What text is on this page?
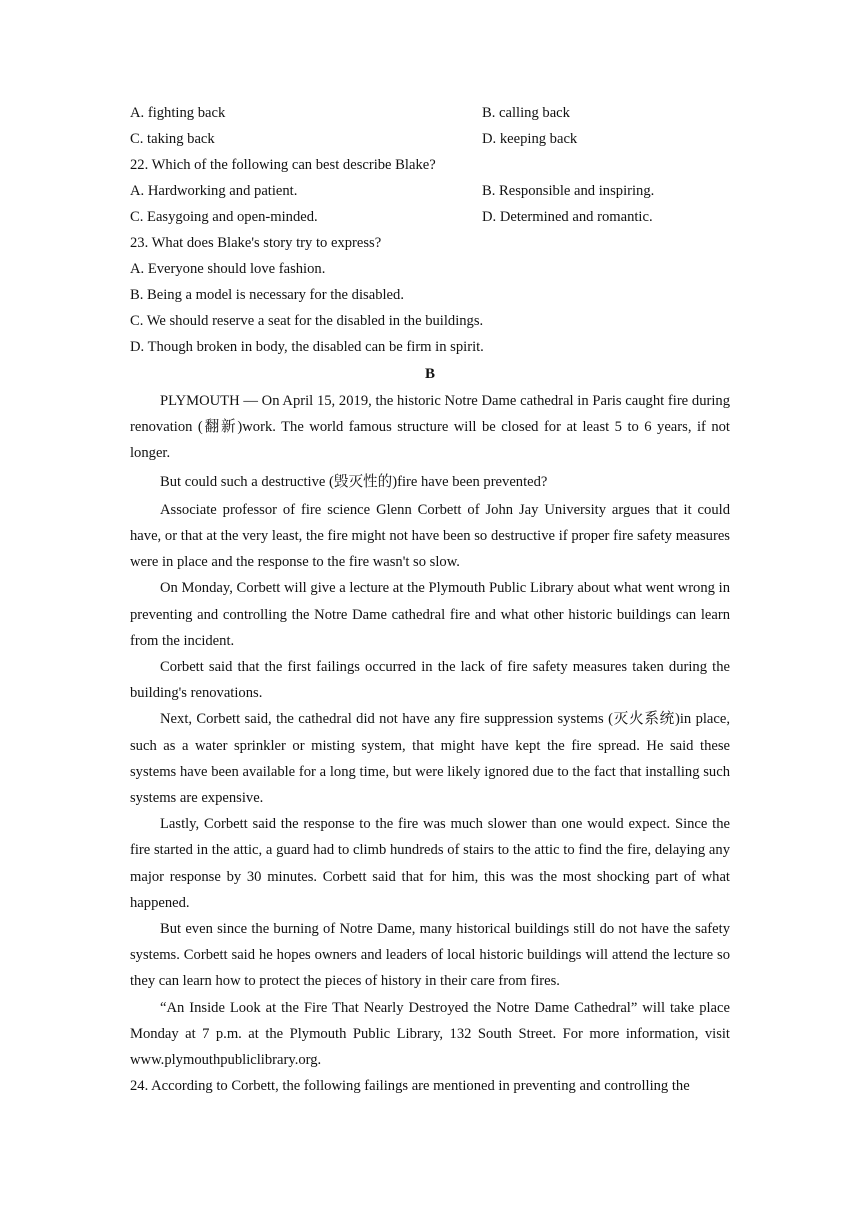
A. fighting back	B. calling back
C. taking back	D. keeping back
22. Which of the following can best describe Blake?
A. Hardworking and patient.	B. Responsible and inspiring.
C. Easygoing and open-minded.	D. Determined and romantic.
23. What does Blake's story try to express?
A. Everyone should love fashion.
B. Being a model is necessary for the disabled.
C. We should reserve a seat for the disabled in the buildings.
D. Though broken in body, the disabled can be firm in spirit.
B

PLYMOUTH — On April 15, 2019, the historic Notre Dame cathedral in Paris caught fire during renovation (翻新)work. The world famous structure will be closed for at least 5 to 6 years, if not longer.

But could such a destructive (毁灭性的)fire have been prevented?

Associate professor of fire science Glenn Corbett of John Jay University argues that it could have, or that at the very least, the fire might not have been so destructive if proper fire safety measures were in place and the response to the fire wasn't so slow.

On Monday, Corbett will give a lecture at the Plymouth Public Library about what went wrong in preventing and controlling the Notre Dame cathedral fire and what other historic buildings can learn from the incident.

Corbett said that the first failings occurred in the lack of fire safety measures taken during the building's renovations.

Next, Corbett said, the cathedral did not have any fire suppression systems (灭火系统)in place, such as a water sprinkler or misting system, that might have kept the fire spread. He said these systems have been available for a long time, but were likely ignored due to the fact that installing such systems are expensive.

Lastly, Corbett said the response to the fire was much slower than one would expect. Since the fire started in the attic, a guard had to climb hundreds of stairs to the attic to find the fire, delaying any major response by 30 minutes. Corbett said that for him, this was the most shocking part of what happened.

But even since the burning of Notre Dame, many historical buildings still do not have the safety systems. Corbett said he hopes owners and leaders of local historic buildings will attend the lecture so they can learn how to protect the pieces of history in their care from fires.

“An Inside Look at the Fire That Nearly Destroyed the Notre Dame Cathedral” will take place Monday at 7 p.m. at the Plymouth Public Library, 132 South Street. For more information, visit www.plymouthpubliclibrary.org.

24. According to Corbett, the following failings are mentioned in preventing and controlling the
